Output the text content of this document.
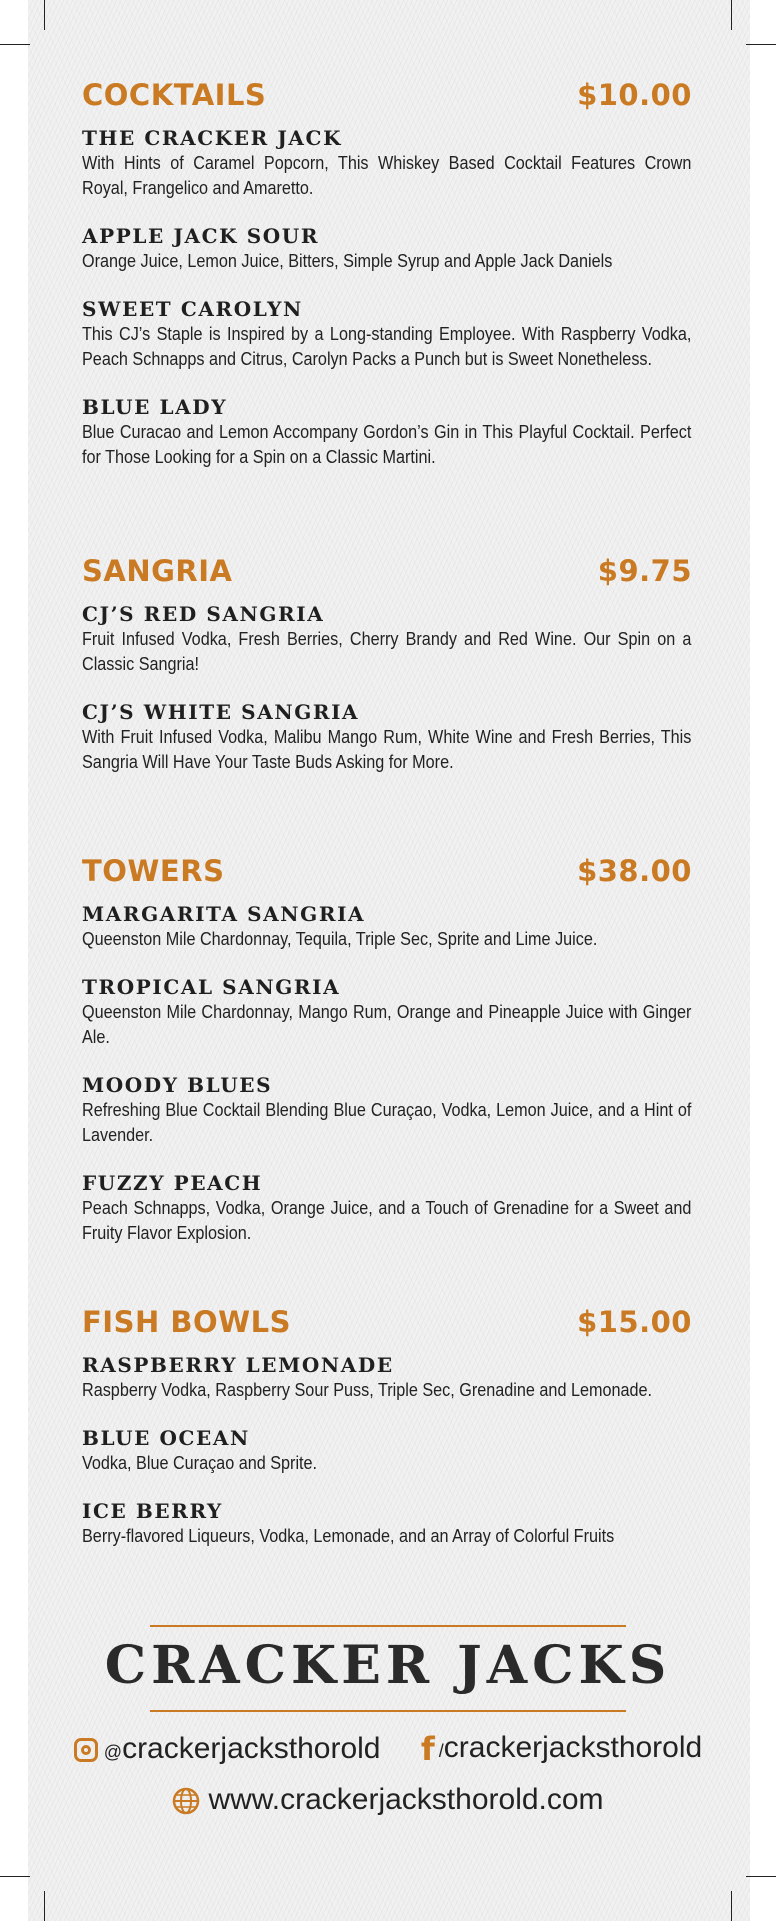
COCKTAILS	$10.00
THE CRACKER JACK
With Hints of Caramel Popcorn, This Whiskey Based Cocktail Features Crown Royal, Frangelico and Amaretto.
APPLE JACK SOUR
Orange Juice, Lemon Juice, Bitters, Simple Syrup and Apple Jack Daniels
SWEET CAROLYN
This CJ’s Staple is Inspired by a Long-standing Employee. With Raspberry Vodka, Peach Schnapps and Citrus, Carolyn Packs a Punch but is Sweet Nonetheless.
BLUE LADY
Blue Curacao and Lemon Accompany Gordon’s Gin in This Playful Cocktail. Perfect for Those Looking for a Spin on a Classic Martini.
SANGRIA	$9.75
CJ’S RED SANGRIA
Fruit Infused Vodka, Fresh Berries, Cherry Brandy and Red Wine. Our Spin on a Classic Sangria!
CJ’S WHITE SANGRIA
With Fruit Infused Vodka, Malibu Mango Rum, White Wine and Fresh Berries, This Sangria Will Have Your Taste Buds Asking for More.
TOWERS	$38.00
MARGARITA SANGRIA
Queenston Mile Chardonnay, Tequila, Triple Sec, Sprite and Lime Juice.
TROPICAL SANGRIA
Queenston Mile Chardonnay, Mango Rum, Orange and Pineapple Juice with Ginger Ale.
MOODY BLUES
Refreshing Blue Cocktail Blending Blue Curaçao, Vodka, Lemon Juice, and a Hint of Lavender.
FUZZY PEACH
Peach Schnapps, Vodka, Orange Juice, and a Touch of Grenadine for a Sweet and Fruity Flavor Explosion.
FISH BOWLS	$15.00
RASPBERRY LEMONADE
Raspberry Vodka, Raspberry Sour Puss, Triple Sec, Grenadine and Lemonade.
BLUE OCEAN
Vodka, Blue Curaçao and Sprite.
ICE BERRY
Berry-flavored Liqueurs, Vodka, Lemonade, and an Array of Colorful Fruits
CRACKER JACKS
@crackerjacksthorold f /crackerjacksthorold
www.crackerjacksthorold.com
